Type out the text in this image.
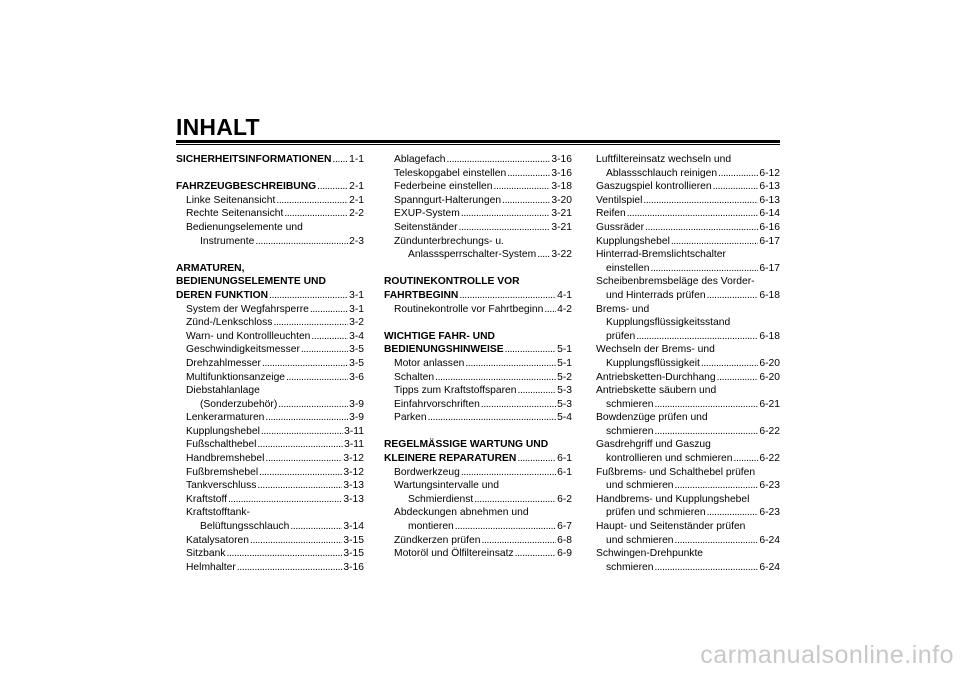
INHALT
SICHERHEITSINFORMATIONEN . . . 1-1
FAHRZEUGBESCHREIBUNG . . .	2-1
Linke Seitenansicht . . .	2-1
Rechte Seitenansicht . . .	2-2
Bedienungselemente und
Instrumente . . .	2-3
ARMATUREN,
BEDIENUNGSELEMENTE UND
DEREN FUNKTION . . .	3-1
System der Wegfahrsperre . . .	3-1
Zünd-/Lenkschloss . . .	3-2
Warn- und Kontrollleuchten . . .	3-4
Geschwindigkeitsmesser . . .	3-5
Drehzahlmesser . . .	3-5
Multifunktionsanzeige . . .	3-6
Diebstahlanlage
(Sonderzubehör) . . .	3-9
Lenkerarmaturen . . .	3-9
Kupplungshebel . . .	3-11
Fußschalthebel . . .	3-11
Handbremshebel . . .	3-12
Fußbremshebel . . .	3-12
Tankverschluss . . .	3-13
Kraftstoff . . .	3-13
Kraftstofftank-
Belüftungsschlauch . . .	3-14
Katalysatoren . . .	3-15
Sitzbank . . .	3-15
Helmhalter . . .	3-16
Ablagefach . . .	3-16
Teleskopgabel einstellen . . .	3-16
Federbeine einstellen . . .	3-18
Spanngurt-Halterungen . . .	3-20
EXUP-System . . .	3-21
Seitenständer . . .	3-21
Zündunterbrechungs- u.
Anlasssperrschalter-System . . . 3-22
ROUTINEKONTROLLE VOR
FAHRTBEGINN . . .	4-1
Routinekontrolle vor Fahrtbeginn . . . 4-2
WICHTIGE FAHR- UND
BEDIENUNGSHINWEISE . . .	5-1
Motor anlassen . . .	5-1
Schalten . . .	5-2
Tipps zum Kraftstoffsparen . . .	5-3
Einfahrvorschriften . . .	5-3
Parken . . .	5-4
REGELMÄSSIGE WARTUNG UND
KLEINERE REPARATUREN . . .	6-1
Bordwerkzeug . . .	6-1
Wartungsintervalle und
Schmierdienst . . .	6-2
Abdeckungen abnehmen und
montieren . . .	6-7
Zündkerzen prüfen . . .	6-8
Motoröl und Ölfiltereinsatz . . .	6-9
Luftfiltereinsatz wechseln und
Ablassschlauch reinigen . . .	6-12
Gaszugspiel kontrollieren . . .	6-13
Ventilspiel . . .	6-13
Reifen . . .	6-14
Gussräder . . .	6-16
Kupplungshebel . . .	6-17
Hinterrad-Bremslichtschalter
einstellen . . .	6-17
Scheibenbremsbeläge des Vorder-
und Hinterrads prüfen . . .	6-18
Brems- und
Kupplungsflüssigkeitsstand
prüfen . . .	6-18
Wechseln der Brems- und
Kupplungsflüssigkeit . . .	6-20
Antriebsketten-Durchhang . . .	6-20
Antriebskette säubern und
schmieren . . .	6-21
Bowdenzüge prüfen und
schmieren . . .	6-22
Gasdrehgriff und Gaszug
kontrollieren und schmieren . . .	6-22
Fußbrems- und Schalthebel prüfen
und schmieren . . .	6-23
Handbrems- und Kupplungshebel
prüfen und schmieren . . .	6-23
Haupt- und Seitenständer prüfen
und schmieren . . .	6-24
Schwingen-Drehpunkte
schmieren . . .	6-24
carmanualsonline.info
